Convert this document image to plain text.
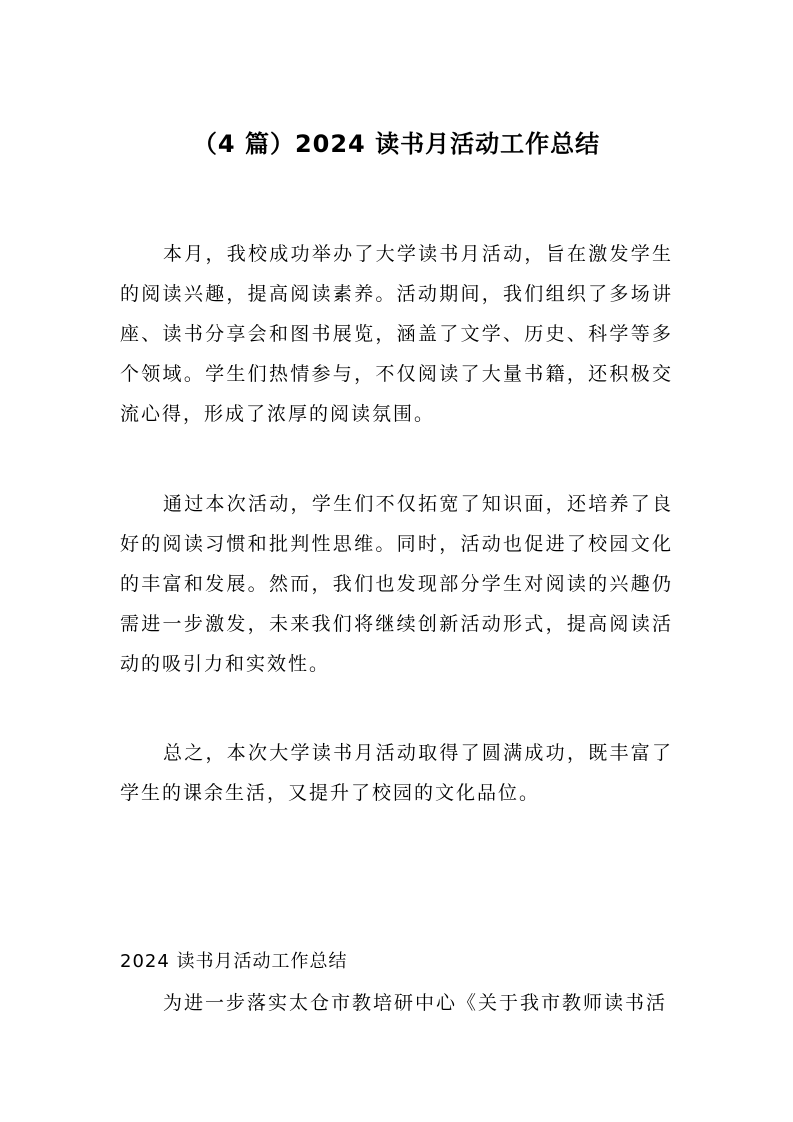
（4 篇）2024 读书月活动工作总结

本月，我校成功举办了大学读书月活动，旨在激发学生的阅读兴趣，提高阅读素养。活动期间，我们组织了多场讲座、读书分享会和图书展览，涵盖了文学、历史、科学等多个领域。学生们热情参与，不仅阅读了大量书籍，还积极交流心得，形成了浓厚的阅读氛围。

通过本次活动，学生们不仅拓宽了知识面，还培养了良好的阅读习惯和批判性思维。同时，活动也促进了校园文化的丰富和发展。然而，我们也发现部分学生对阅读的兴趣仍需进一步激发，未来我们将继续创新活动形式，提高阅读活动的吸引力和实效性。

总之，本次大学读书月活动取得了圆满成功，既丰富了学生的课余生活，又提升了校园的文化品位。

2024 读书月活动工作总结

为进一步落实太仓市教培研中心《关于我市教师读书活
